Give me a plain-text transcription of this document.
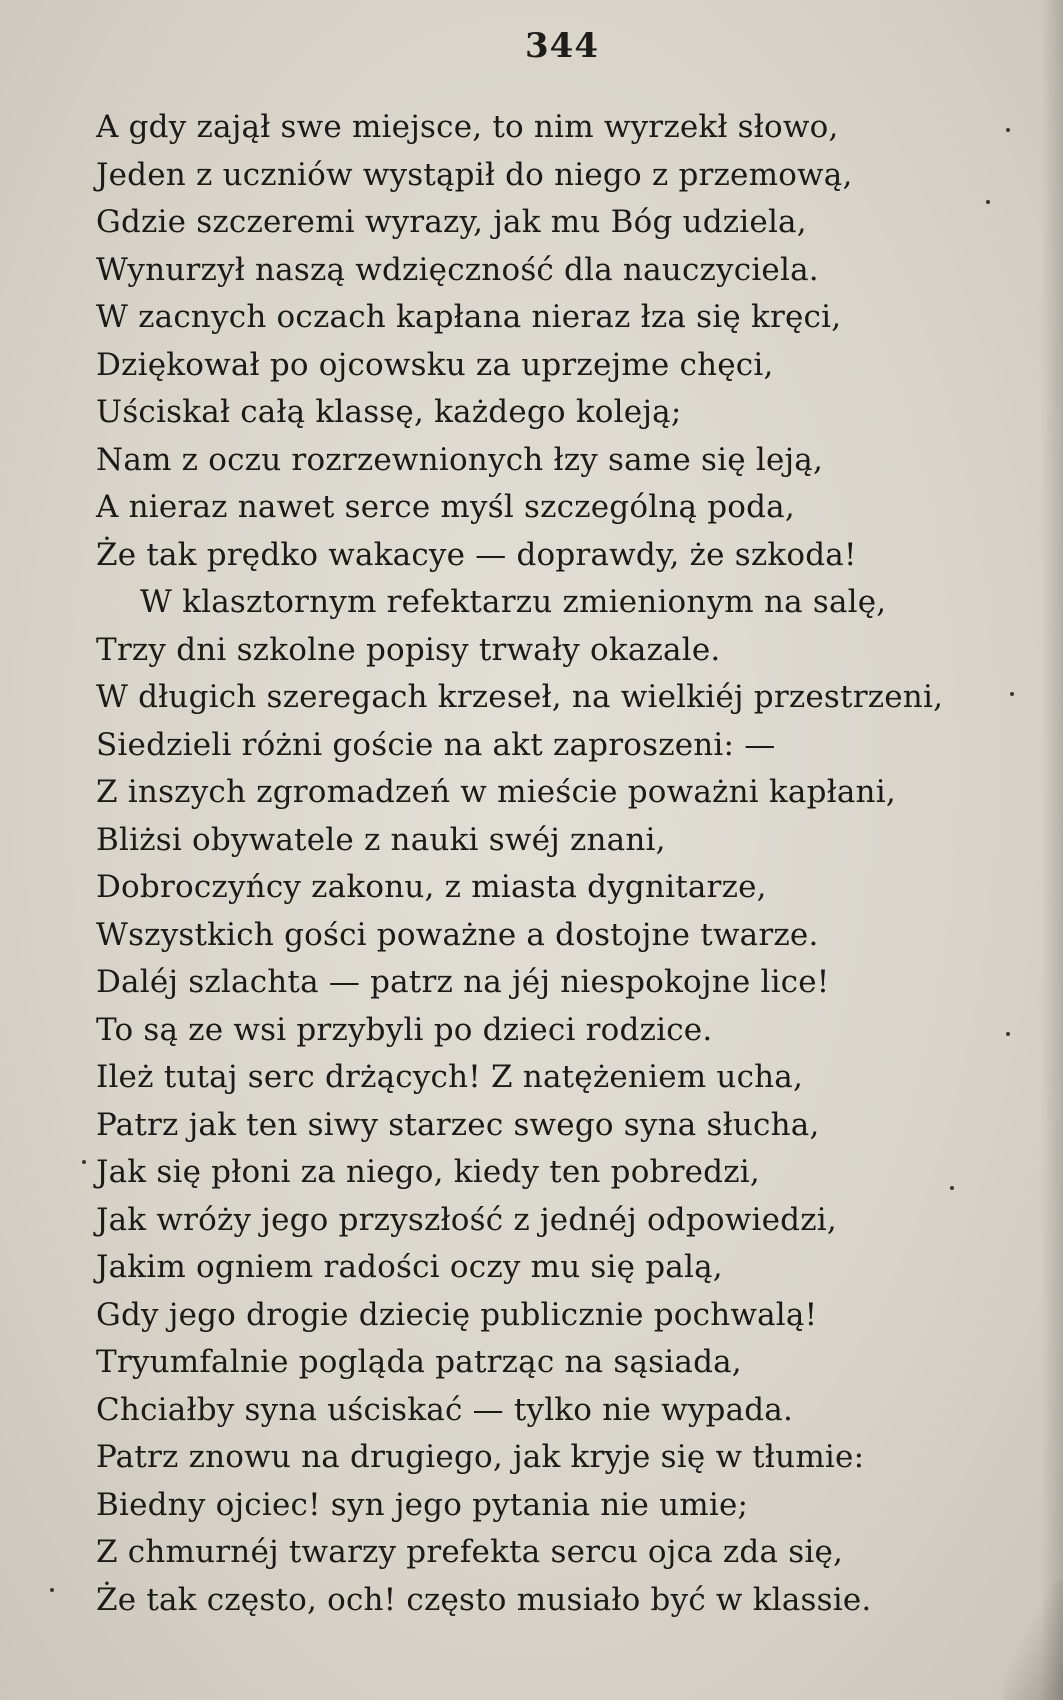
344
A gdy zajął swe miejsce, to nim wyrzekł słowo,
Jeden z uczniów wystąpił do niego z przemową,
Gdzie szczeremi wyrazy, jak mu Bóg udziela,
Wynurzył naszą wdzięczność dla nauczyciela.
W zacnych oczach kapłana nieraz łza się kręci,
Dziękował po ojcowsku za uprzejme chęci,
Uściskał całą klassę, każdego koleją;
Nam z oczu rozrzewnionych łzy same się leją,
A nieraz nawet serce myśl szczególną poda,
Że tak prędko wakacye — doprawdy, że szkoda!
W klasztornym refektarzu zmienionym na salę,
Trzy dni szkolne popisy trwały okazale.
W długich szeregach krzeseł, na wielkiéj przestrzeni,
Siedzieli różni goście na akt zaproszeni: —
Z inszych zgromadzeń w mieście poważni kapłani,
Bliżsi obywatele z nauki swéj znani,
Dobroczyńcy zakonu, z miasta dygnitarze,
Wszystkich gości poważne a dostojne twarze.
Daléj szlachta — patrz na jéj niespokojne lice!
To są ze wsi przybyli po dzieci rodzice.
Ileż tutaj serc drżących! Z natężeniem ucha,
Patrz jak ten siwy starzec swego syna słucha,
Jak się płoni za niego, kiedy ten pobredzi,
Jak wróży jego przyszłość z jednéj odpowiedzi,
Jakim ogniem radości oczy mu się palą,
Gdy jego drogie dziecię publicznie pochwalą!
Tryumfalnie pogląda patrząc na sąsiada,
Chciałby syna uściskać — tylko nie wypada.
Patrz znowu na drugiego, jak kryje się w tłumie:
Biedny ojciec! syn jego pytania nie umie;
Z chmurnéj twarzy prefekta sercu ojca zda się,
Że tak często, och! często musiało być w klassie.
